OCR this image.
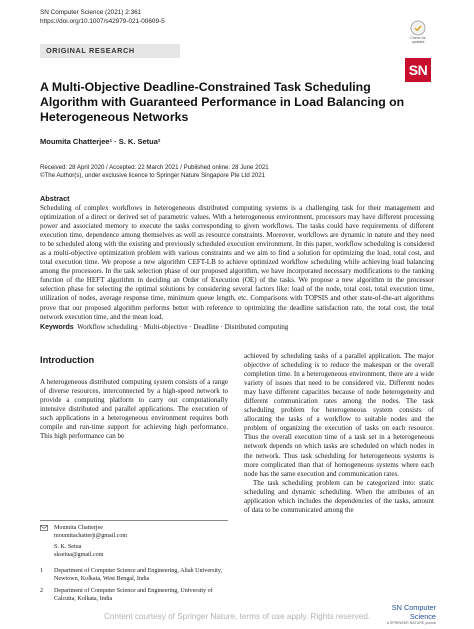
SN Computer Science (2021) 2:361
https://doi.org/10.1007/s42979-021-00609-5
ORIGINAL RESEARCH
Check for
updates
SN
A Multi-Objective Deadline-Constrained Task Scheduling Algorithm with Guaranteed Performance in Load Balancing on Heterogeneous Networks
Moumita Chatterjee¹ · S. K. Setua²
Received: 28 April 2020 / Accepted: 22 March 2021 / Published online: 28 June 2021
©The Author(s), under exclusive licence to Springer Nature Singapore Pte Ltd 2021
Abstract
Scheduling of complex workflows in heterogeneous distributed computing systems is a challenging task for their management and optimization of a direct or derived set of parametric values. With a heterogeneous environment, processors may have different processing power and associated memory to execute the tasks corresponding to given workflows. The tasks could have requirements of different execution time, dependence among themselves as well as resource constraints. Moreover, workflows are dynamic in nature and they need to be scheduled along with the existing and previously scheduled execution environment. In this paper, workflow scheduling is considered as a multi-objective optimization problem with various constraints and we aim to find a solution for optimizing the load, total cost, and total execution time. We propose a new algorithm CEFT-LB to achieve optimized workflow scheduling while achieving load balancing among the processors. In the task selection phase of our proposed algorithm, we have incorporated necessary modifications to the ranking function of the HEFT algorithm in deciding an Order of Execution (OE) of the tasks. We propose a new algorithm in the processor selection phase for selecting the optimal solutions by considering several factors like: load of the node, total cost, total execution time, utilization of nodes, average response time, minimum queue length, etc. Comparisons with TOPSIS and other state-of-the-art algorithms prove that our proposed algorithm performs better with reference to optimizing the deadline satisfaction rate, the total cost, the total network execution time, and the mean load.
Keywords Workflow scheduling · Multi-objective · Deadline · Distributed computing
Introduction

A heterogeneous distributed computing system consists of a range of diverse resources, interconnected by a high-speed network to provide a computing platform to carry out computationally intensive distributed and parallel applications. The execution of such applications in a heterogeneous environment requires both compile and run-time support for achieving high performance. This high performance can be

achieved by scheduling tasks of a parallel application. The major objective of scheduling is to reduce the makespan or the overall completion time. In a heterogeneous environment, there are a wide variety of issues that need to be considered viz. Different nodes may have different capacities because of node heterogeneity and different communication rates among the nodes. The task scheduling problem for heterogeneous system consists of allocating the tasks of a workflow to suitable nodes and the problem of organizing the execution of tasks on each resource. Thus the overall execution time of a task set in a heterogeneous network depends on which tasks are scheduled on which nodes in the network. Thus task scheduling for heterogeneous systems is more complicated than that of homogeneous systems where each node has the same execution and communication rates.

The task scheduling problem can be categorized into: static scheduling and dynamic scheduling. When the attributes of an application which includes the dependencies of the tasks, amount of data to be communicated among the

Moumita Chatterjee
moumitachatterji@gmail.com
S. K. Setua
sksetua@gmail.com
1	Department of Computer Science and Engineering, Aliah University, Newtown, Kolkata, West Bengal, India
2	Department of Computer Science and Engineering, University of Calcutta, Kolkata, India
SN Computer Science
A SPRINGER NATURE journal
Content courtesy of Springer Nature, terms of use apply. Rights reserved.
